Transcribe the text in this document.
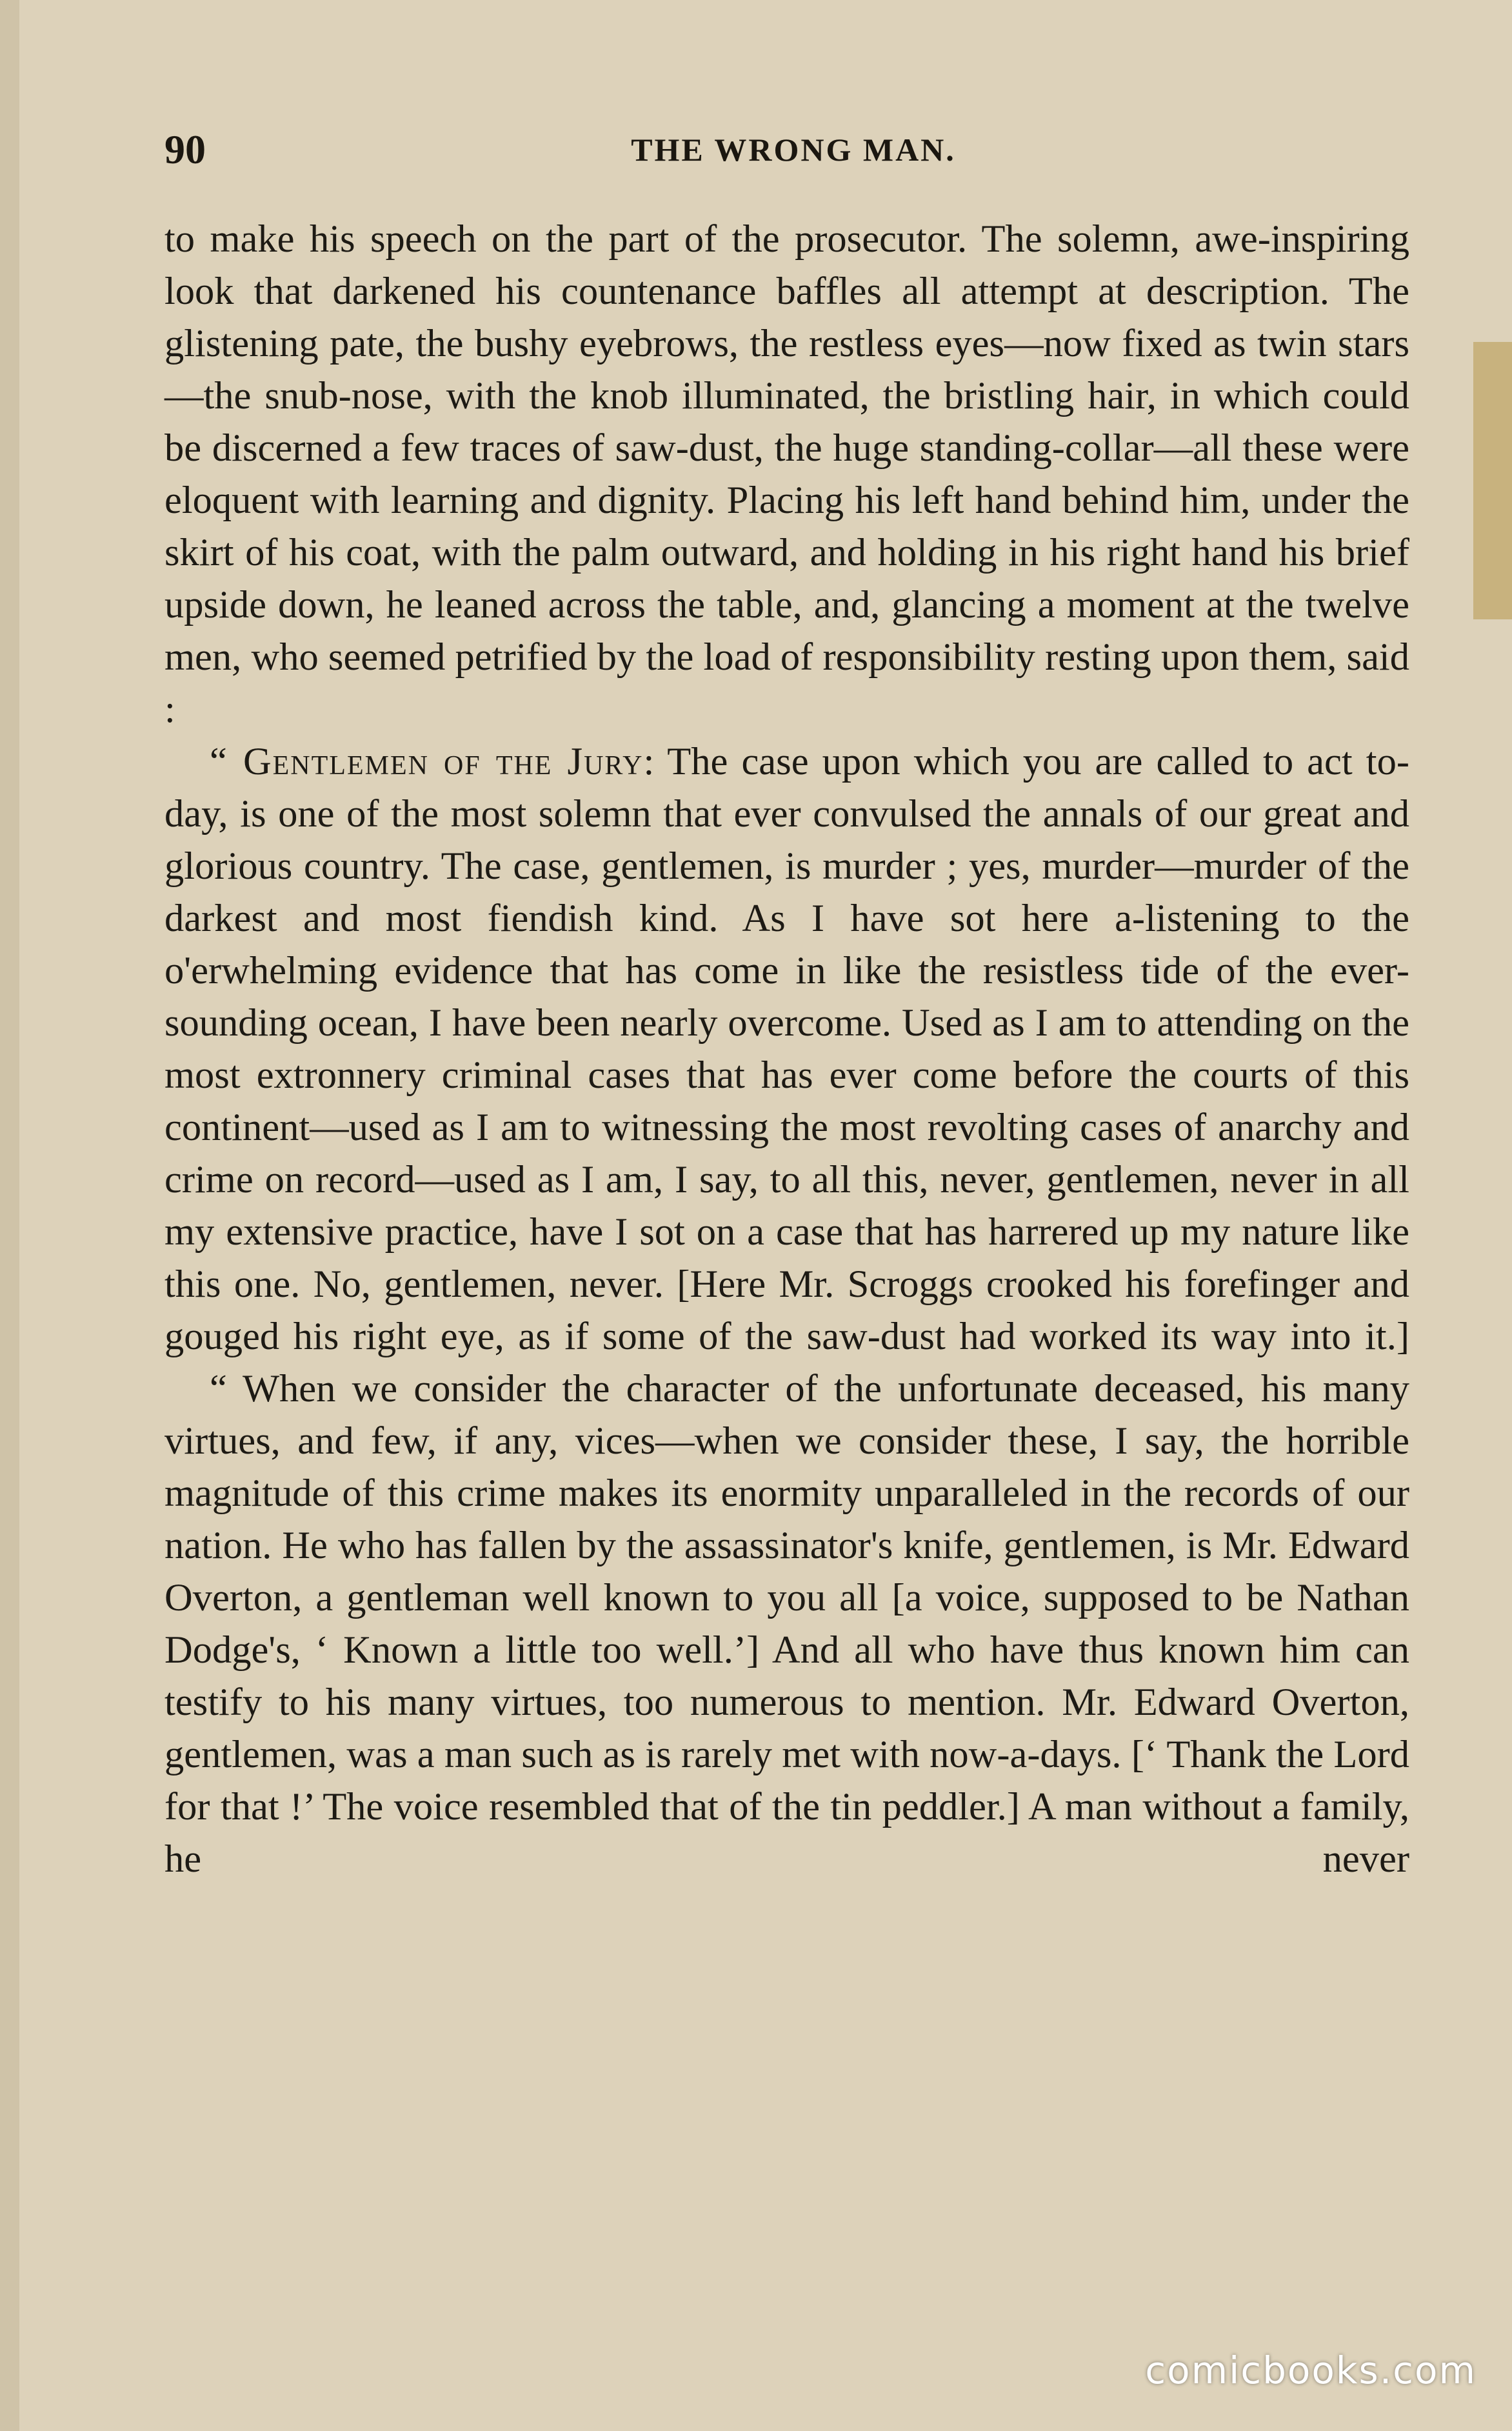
90	THE WRONG MAN.

to make his speech on the part of the prosecutor. The solemn, awe-inspiring look that darkened his countenance baffles all attempt at description. The glistening pate, the bushy eyebrows, the restless eyes—now fixed as twin stars—the snub-nose, with the knob illuminated, the bristling hair, in which could be discerned a few traces of saw-dust, the huge standing-collar—all these were eloquent with learning and dignity. Placing his left hand behind him, under the skirt of his coat, with the palm outward, and holding in his right hand his brief upside down, he leaned across the table, and, glancing a moment at the twelve men, who seemed petrified by the load of responsibility resting upon them, said :

“ Gentlemen of the Jury: The case upon which you are called to act to-day, is one of the most solemn that ever convulsed the annals of our great and glorious country. The case, gentlemen, is murder ; yes, murder—murder of the darkest and most fiendish kind. As I have sot here a-listening to the o'erwhelming evidence that has come in like the resistless tide of the ever-sounding ocean, I have been nearly overcome. Used as I am to attending on the most extronnery criminal cases that has ever come before the courts of this continent—used as I am to witnessing the most revolting cases of anarchy and crime on record—used as I am, I say, to all this, never, gentlemen, never in all my extensive practice, have I sot on a case that has harrered up my nature like this one. No, gentlemen, never. [Here Mr. Scroggs crooked his forefinger and gouged his right eye, as if some of the saw-dust had worked its way into it.]

“ When we consider the character of the unfortunate deceased, his many virtues, and few, if any, vices—when we consider these, I say, the horrible magnitude of this crime makes its enormity unparalleled in the records of our nation. He who has fallen by the assassinator's knife, gentlemen, is Mr. Edward Overton, a gentleman well known to you all [a voice, supposed to be Nathan Dodge's, ‘ Known a little too well.’] And all who have thus known him can testify to his many virtues, too numerous to mention. Mr. Edward Overton, gentlemen, was a man such as is rarely met with now-a-days. [‘ Thank the Lord for that !’ The voice resembled that of the tin peddler.] A man without a family, he never

comicbooks.com
